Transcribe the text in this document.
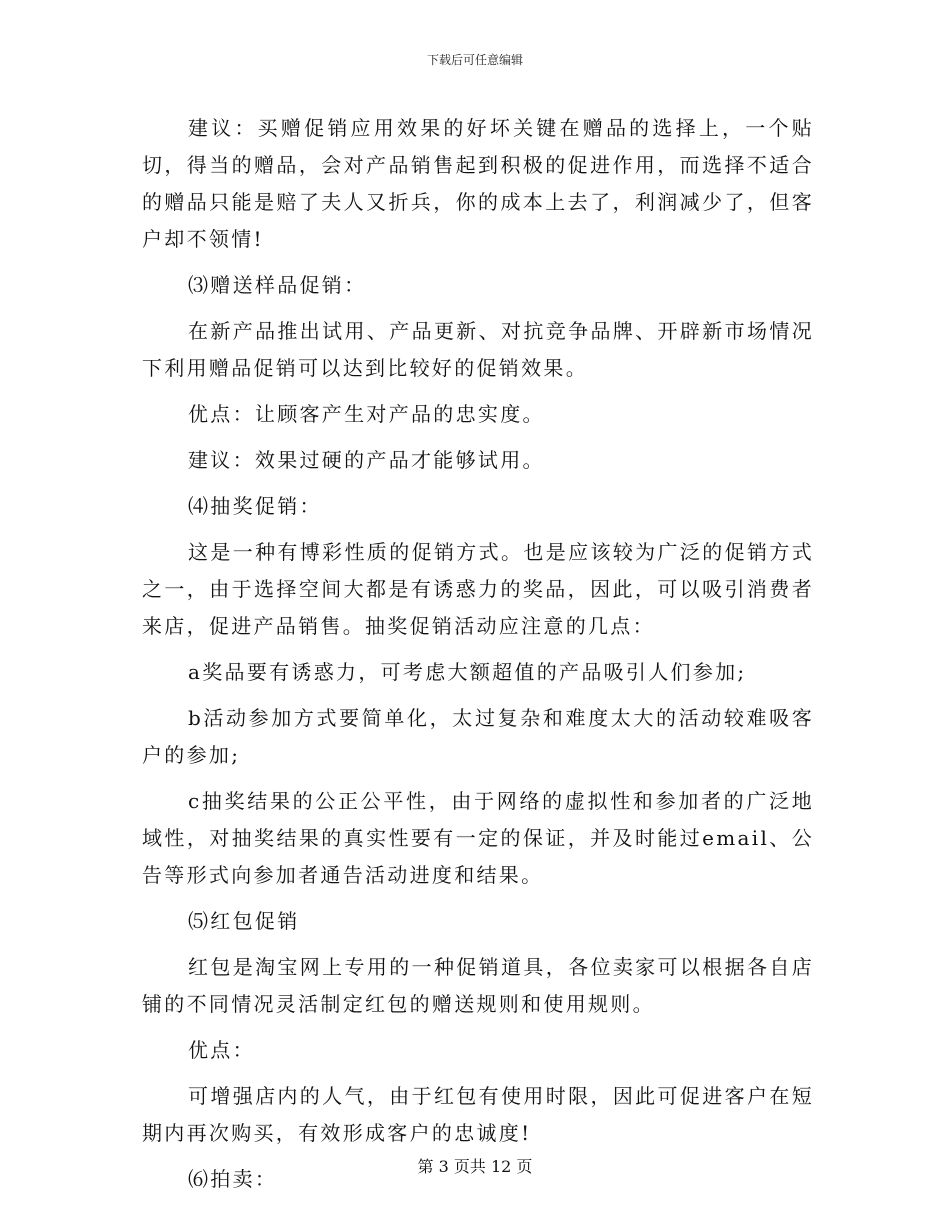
下载后可任意编辑

建议：买赠促销应用效果的好坏关键在赠品的选择上，一个贴切，得当的赠品，会对产品销售起到积极的促进作用，而选择不适合的赠品只能是赔了夫人又折兵，你的成本上去了，利润减少了，但客户却不领情!

⑶赠送样品促销：

在新产品推出试用、产品更新、对抗竞争品牌、开辟新市场情况下利用赠品促销可以达到比较好的促销效果。

优点：让顾客产生对产品的忠实度。

建议：效果过硬的产品才能够试用。

⑷抽奖促销：

这是一种有博彩性质的促销方式。也是应该较为广泛的促销方式之一，由于选择空间大都是有诱惑力的奖品，因此，可以吸引消费者来店，促进产品销售。抽奖促销活动应注意的几点：

a奖品要有诱惑力，可考虑大额超值的产品吸引人们参加;

b活动参加方式要简单化，太过复杂和难度太大的活动较难吸客户的参加;

c抽奖结果的公正公平性，由于网络的虚拟性和参加者的广泛地域性，对抽奖结果的真实性要有一定的保证，并及时能过email、公告等形式向参加者通告活动进度和结果。

⑸红包促销

红包是淘宝网上专用的一种促销道具，各位卖家可以根据各自店铺的不同情况灵活制定红包的赠送规则和使用规则。

优点：

可增强店内的人气，由于红包有使用时限，因此可促进客户在短期内再次购买，有效形成客户的忠诚度!

⑹拍卖：

第 3 页共 12 页
